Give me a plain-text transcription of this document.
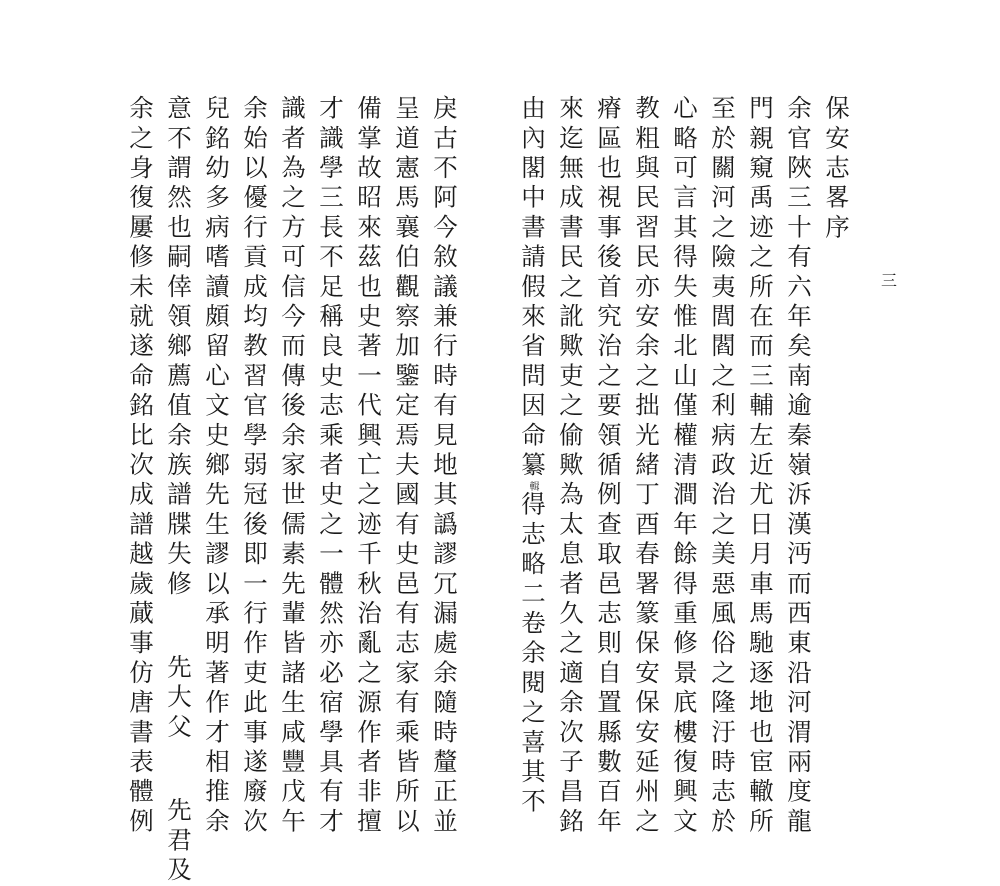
三
保安志畧序
余官陜三十有六年矣南逾秦嶺泝漢沔而西東沿河渭兩度龍
門親窺禹迹之所在而三輔左近尤日月車馬馳逐地也宦轍所
至於關河之險夷閭閻之利病政治之美惡風俗之隆汙時志於
心略可言其得失惟北山僅權清澗年餘得重修景㡳樓復興文
教粗與民習民亦安余之拙光緒丁酉春署篆保安保安延州之
瘠區也視事後首究治之要領循例查取邑志則自置縣數百年
來迄無成書民之訛歟吏之偷歟為太息者久之適余次子昌銘
由內閣中書請假來省問因命纂輯得志略二卷余閱之喜其不
戾古不阿今敘議兼行時有見地其譌謬冗漏處余隨時釐正並
呈道憲馬襄伯觀察加鑒定焉夫國有史邑有志家有乘皆所以
備掌故昭來茲也史著一代興亡之迹千秋治亂之源作者非擅
才識學三長不足稱良史志乘者史之一體然亦必宿學具有才
識者為之方可信今而傳後余家世儒素先輩皆諸生咸豐戊午
余始以優行貢成均教習官學弱冠後即一行作吏此事遂廢次
兒銘幼多病嗜讀頗留心文史鄉先生謬以承明著作才相推余
意不謂然也嗣倖領鄉薦值余族譜牒失修先大父先君及
余之身復屢修未就遂命銘比次成譜越歲蕆事仿唐書表體例
